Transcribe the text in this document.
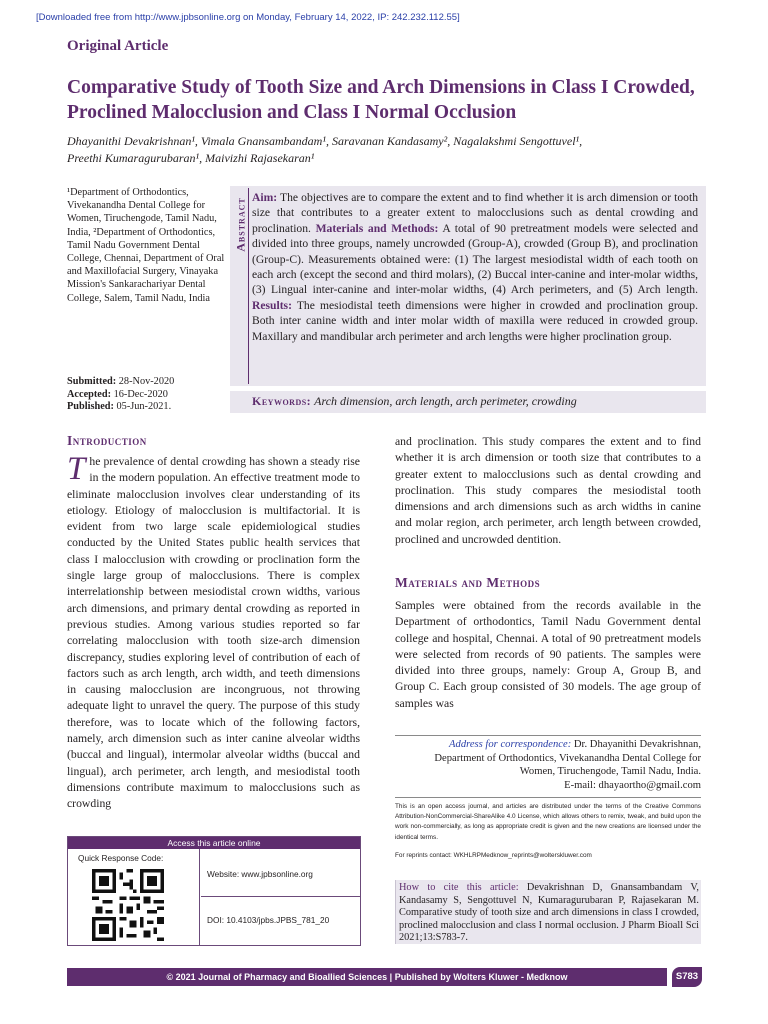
[Downloaded free from http://www.jpbsonline.org on Monday, February 14, 2022, IP: 242.232.112.55]
Original Article
Comparative Study of Tooth Size and Arch Dimensions in Class I Crowded, Proclined Malocclusion and Class I Normal Occlusion
Dhayanithi Devakrishnan¹, Vimala Gnansambandam¹, Saravanan Kandasamy², Nagalakshmi Sengottuvel¹,
Preethi Kumaragurubaran¹, Maivizhi Rajasekaran¹
¹Department of Orthodontics, Vivekanandha Dental College for Women, Tiruchengode, Tamil Nadu, India, ²Department of Orthodontics, Tamil Nadu Government Dental College, Chennai, Department of Oral and Maxillofacial Surgery, Vinayaka Mission's Sankarachariyar Dental College, Salem, Tamil Nadu, India
Submitted: 28-Nov-2020
Accepted: 16-Dec-2020
Published: 05-Jun-2021.
Abstract Aim: The objectives are to compare the extent and to find whether it is arch dimension or tooth size that contributes to a greater extent to malocclusions such as dental crowding and proclination. Materials and Methods: A total of 90 pretreatment models were selected and divided into three groups, namely uncrowded (Group-A), crowded (Group B), and proclination (Group-C). Measurements obtained were: (1) The largest mesiodistal width of each tooth on each arch (except the second and third molars), (2) Buccal inter-canine and inter-molar widths, (3) Lingual inter-canine and inter-molar widths, (4) Arch perimeters, and (5) Arch length. Results: The mesiodistal teeth dimensions were higher in crowded and proclination group. Both inter canine width and inter molar width of maxilla were reduced in crowded group. Maxillary and mandibular arch perimeter and arch lengths were higher proclination group.
Keywords: Arch dimension, arch length, arch perimeter, crowding
Introduction
The prevalence of dental crowding has shown a steady rise in the modern population. An effective treatment mode to eliminate malocclusion involves clear understanding of its etiology. Etiology of malocclusion is multifactorial. It is evident from two large scale epidemiological studies conducted by the United States public health services that class I malocclusion with crowding or proclination form the single large group of malocclusions. There is complex interrelationship between mesiodistal crown widths, various arch dimensions, and primary dental crowding as reported in previous studies. Among various studies reported so far correlating malocclusion with tooth size-arch dimension discrepancy, studies exploring level of contribution of each of factors such as arch length, arch width, and teeth dimensions in causing malocclusion are incongruous, not throwing adequate light to unravel the query. The purpose of this study therefore, was to locate which of the following factors, namely, arch dimension such as inter canine alveolar widths (buccal and lingual), intermolar alveolar widths (buccal and lingual), arch perimeter, arch length, and mesiodistal tooth dimensions contribute maximum to malocclusions such as crowding
and proclination. This study compares the extent and to find whether it is arch dimension or tooth size that contributes to a greater extent to malocclusions such as dental crowding and proclination. This study compares the mesiodistal tooth dimensions and arch dimensions such as arch widths in canine and molar region, arch perimeter, arch length between crowded, proclined and uncrowded dentition.
Materials and Methods
Samples were obtained from the records available in the Department of orthodontics, Tamil Nadu Government dental college and hospital, Chennai. A total of 90 pretreatment models were selected from records of 90 patients. The samples were divided into three groups, namely: Group A, Group B, and Group C. Each group consisted of 30 models. The age group of samples was
Address for correspondence: Dr. Dhayanithi Devakrishnan,
Department of Orthodontics, Vivekanandha Dental College for
Women, Tiruchengode, Tamil Nadu, India.
E-mail: dhayaortho@gmail.com
This is an open access journal, and articles are distributed under the terms of the Creative Commons Attribution-NonCommercial-ShareAlike 4.0 License, which allows others to remix, tweak, and build upon the work non-commercially, as long as appropriate credit is given and the new creations are licensed under the identical terms.
For reprints contact: WKHLRPMedknow_reprints@wolterskluwer.com
How to cite this article: Devakrishnan D, Gnansambandam V, Kandasamy S, Sengottuvel N, Kumaragurubaran P, Rajasekaran M. Comparative study of tooth size and arch dimensions in class I crowded, proclined malocclusion and class I normal occlusion. J Pharm Bioall Sci 2021;13:S783-7.
Access this article online
Quick Response Code:
Website: www.jpbsonline.org
DOI: 10.4103/jpbs.JPBS_781_20
© 2021 Journal of Pharmacy and Bioallied Sciences | Published by Wolters Kluwer - Medknow	S783
